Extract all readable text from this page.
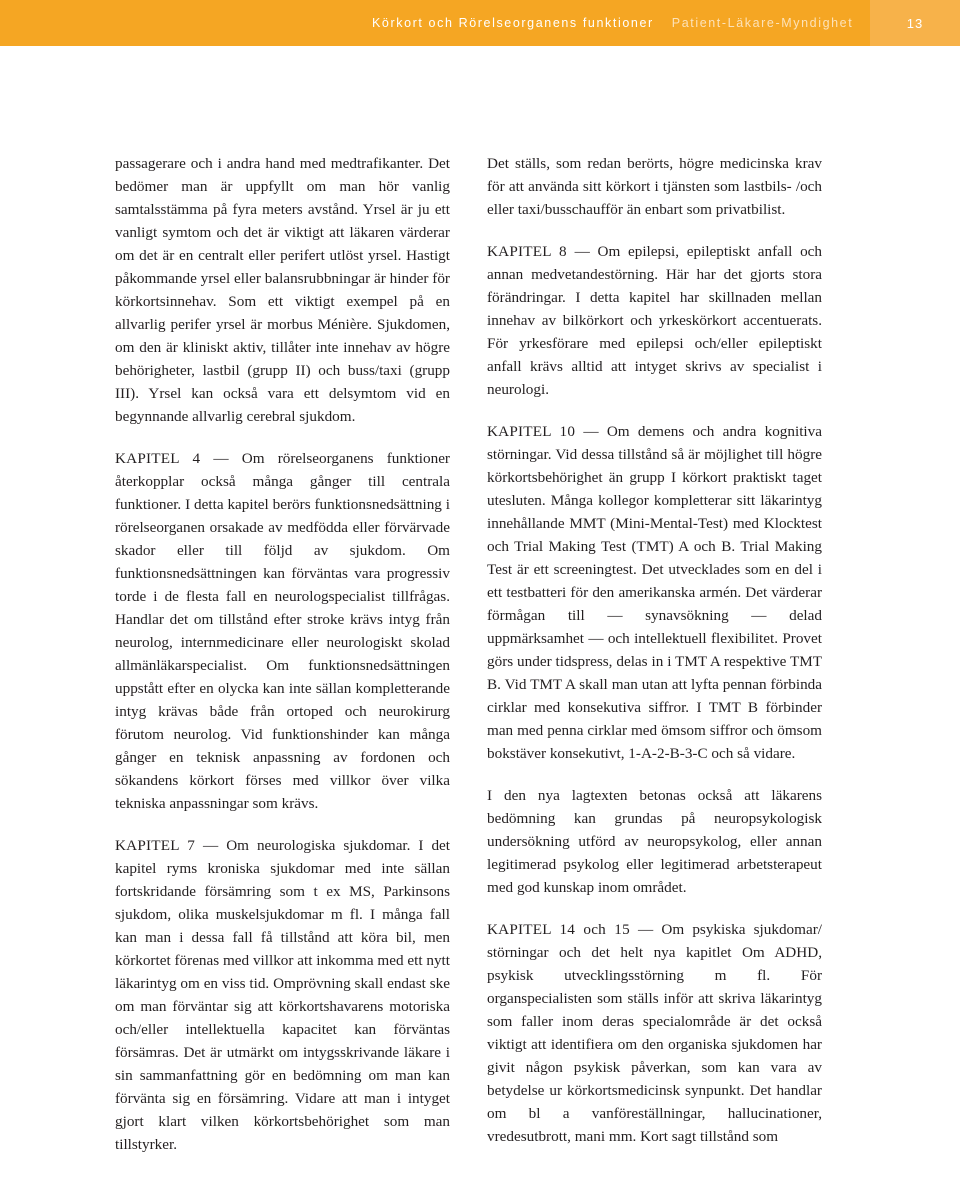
Körkort och Rörelseorganens funktioner Patient-Läkare-Myndighet	13

passagerare och i andra hand med medtrafikanter. Det bedömer man är uppfyllt om man hör vanlig samtalsstämma på fyra meters avstånd. Yrsel är ju ett vanligt symtom och det är viktigt att läkaren värderar om det är en centralt eller perifert utlöst yrsel. Hastigt påkommande yrsel eller balansrubbningar är hinder för körkortsinnehav. Som ett viktigt exempel på en allvarlig perifer yrsel är morbus Ménière. Sjukdomen, om den är kliniskt aktiv, tillåter inte innehav av högre behörigheter, lastbil (grupp II) och buss/taxi (grupp III). Yrsel kan också vara ett delsymtom vid en begynnande allvarlig cerebral sjukdom.

KAPITEL 4 — Om rörelseorganens funktioner återkopplar också många gånger till centrala funktioner. I detta kapitel berörs funktionsnedsättning i rörelseorganen orsakade av medfödda eller förvärvade skador eller till följd av sjukdom. Om funktionsnedsättningen kan förväntas vara progressiv torde i de flesta fall en neurologspecialist tillfrågas. Handlar det om tillstånd efter stroke krävs intyg från neurolog, internmedicinare eller neurologiskt skolad allmänläkarspecialist. Om funktionsnedsättningen uppstått efter en olycka kan inte sällan kompletterande intyg krävas både från ortoped och neurokirurg förutom neurolog. Vid funktionshinder kan många gånger en teknisk anpassning av fordonen och sökandens körkort förses med villkor över vilka tekniska anpassningar som krävs.

KAPITEL 7 — Om neurologiska sjukdomar. I det kapitel ryms kroniska sjukdomar med inte sällan fortskridande försämring som t ex MS, Parkinsons sjukdom, olika muskelsjukdomar m fl. I många fall kan man i dessa fall få tillstånd att köra bil, men körkortet förenas med villkor att inkomma med ett nytt läkarintyg om en viss tid. Omprövning skall endast ske om man förväntar sig att körkortshavarens motoriska och/eller intellektuella kapacitet kan förväntas försämras. Det är utmärkt om intygsskrivande läkare i sin sammanfattning gör en bedömning om man kan förvänta sig en försämring. Vidare att man i intyget gjort klart vilken körkortsbehörighet som man tillstyrker.

Det ställs, som redan berörts, högre medicinska krav för att använda sitt körkort i tjänsten som lastbils- /och eller taxi/busschaufför än enbart som privatbilist.

KAPITEL 8 — Om epilepsi, epileptiskt anfall och annan medvetandestörning. Här har det gjorts stora förändringar. I detta kapitel har skillnaden mellan innehav av bilkörkort och yrkeskörkort accentuerats. För yrkesförare med epilepsi och/eller epileptiskt anfall krävs alltid att intyget skrivs av specialist i neurologi.

KAPITEL 10 — Om demens och andra kognitiva störningar. Vid dessa tillstånd så är möjlighet till högre körkortsbehörighet än grupp I körkort praktiskt taget utesluten. Många kollegor kompletterar sitt läkarintyg innehållande MMT (Mini-Mental-Test) med Klocktest och Trial Making Test (TMT) A och B. Trial Making Test är ett screeningtest. Det utvecklades som en del i ett testbatteri för den amerikanska armén. Det värderar förmågan till — synavsökning — delad uppmärksamhet — och intellektuell flexibilitet. Provet görs under tidspress, delas in i TMT A respektive TMT B. Vid TMT A skall man utan att lyfta pennan förbinda cirklar med konsekutiva siffror. I TMT B förbinder man med penna cirklar med ömsom siffror och ömsom bokstäver konsekutivt, 1-A-2-B-3-C och så vidare.

I den nya lagtexten betonas också att läkarens bedömning kan grundas på neuropsykologisk undersökning utförd av neuropsykolog, eller annan legitimerad psykolog eller legitimerad arbetsterapeut med god kunskap inom området.

KAPITEL 14 och 15 — Om psykiska sjukdomar/ störningar och det helt nya kapitlet Om ADHD, psykisk utvecklingsstörning m fl. För organspecialisten som ställs inför att skriva läkarintyg som faller inom deras specialområde är det också viktigt att identifiera om den organiska sjukdomen har givit någon psykisk påverkan, som kan vara av betydelse ur körkortsmedicinsk synpunkt. Det handlar om bl a vanföreställningar, hallucinationer, vredesutbrott, mani mm. Kort sagt tillstånd som
